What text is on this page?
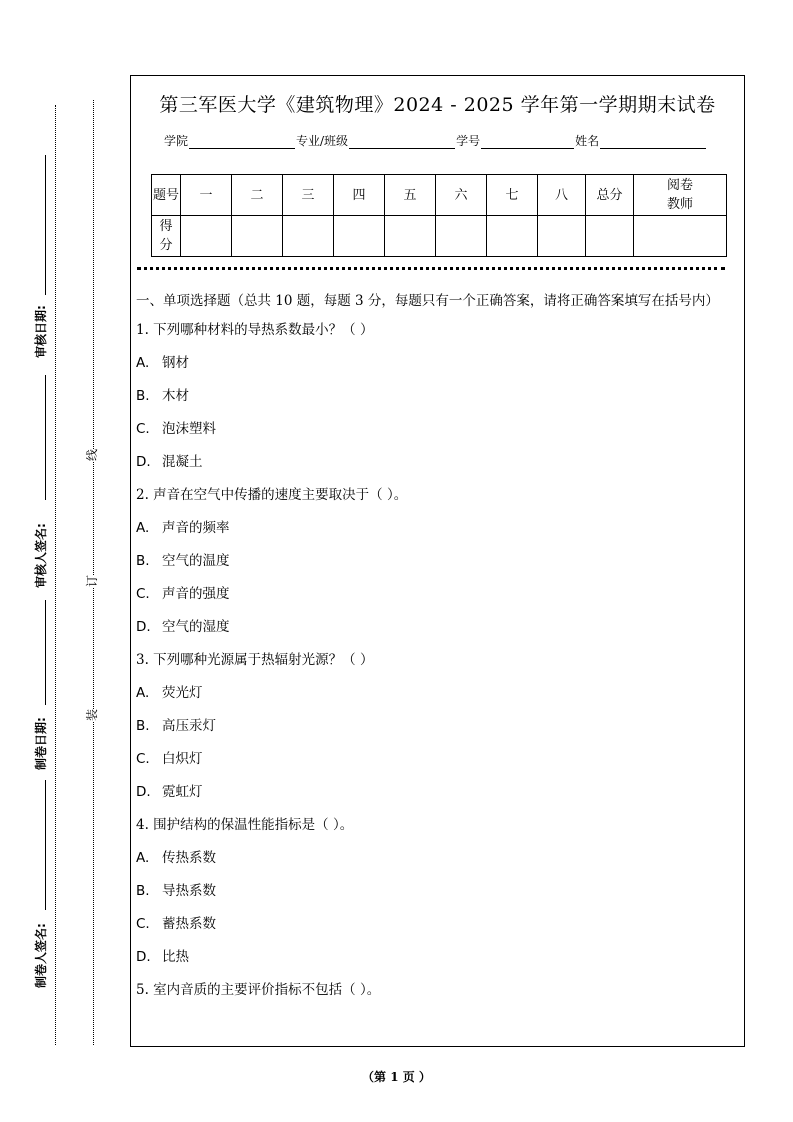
审核日期:
审核人签名:
制卷日期:
制卷人签名:
线
订
装
第三军医大学《建筑物理》2024 - 2025 学年第一学期期末试卷
学院	专业/班级	学号	姓名
题号	一	二	三	四	五	六	七	八	总分	阅卷教师
得分										
一、单项选择题（总共 10 题，每题 3 分，每题只有一个正确答案，请将正确答案填写在括号内）
1. 下列哪种材料的导热系数最小？（ ）
A. 钢材
B. 木材
C. 泡沫塑料
D. 混凝土
2. 声音在空气中传播的速度主要取决于（ ）。
A. 声音的频率
B. 空气的温度
C. 声音的强度
D. 空气的湿度
3. 下列哪种光源属于热辐射光源？（ ）
A. 荧光灯
B. 高压汞灯
C. 白炽灯
D. 霓虹灯
4. 围护结构的保温性能指标是（ ）。
A. 传热系数
B. 导热系数
C. 蓄热系数
D. 比热
5. 室内音质的主要评价指标不包括（ ）。
（第 1 页 ）
